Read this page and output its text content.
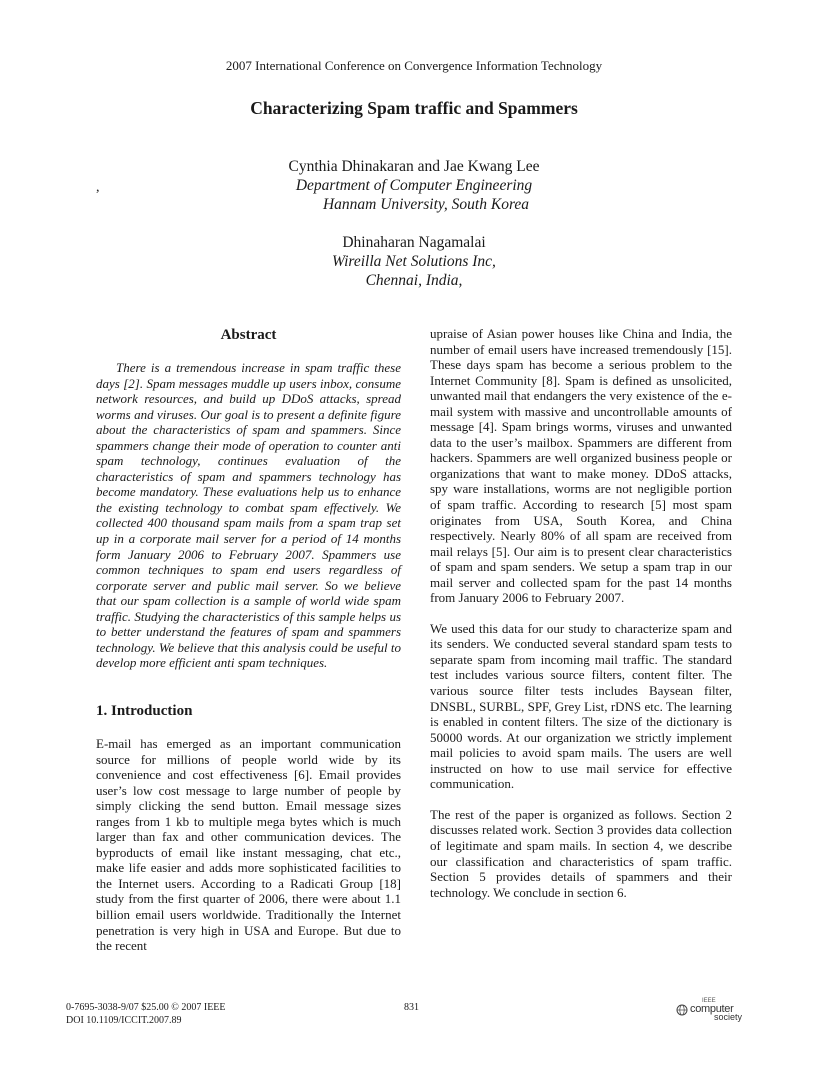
2007 International Conference on Convergence Information Technology
Characterizing Spam traffic and Spammers
Cynthia Dhinakaran and Jae Kwang Lee
,	Department of Computer Engineering
Hannam University, South Korea
Dhinaharan Nagamalai
Wireilla Net Solutions Inc,
Chennai, India,
Abstract
There is a tremendous increase in spam traffic these days [2]. Spam messages muddle up users inbox, consume network resources, and build up DDoS attacks, spread worms and viruses. Our goal is to present a definite figure about the characteristics of spam and spammers. Since spammers change their mode of operation to counter anti spam technology, continues evaluation of the characteristics of spam and spammers technology has become mandatory. These evaluations help us to enhance the existing technology to combat spam effectively. We collected 400 thousand spam mails from a spam trap set up in a corporate mail server for a period of 14 months form January 2006 to February 2007. Spammers use common techniques to spam end users regardless of corporate server and public mail server. So we believe that our spam collection is a sample of world wide spam traffic. Studying the characteristics of this sample helps us to better understand the features of spam and spammers technology. We believe that this analysis could be useful to develop more efficient anti spam techniques.
1. Introduction

E-mail has emerged as an important communication source for millions of people world wide by its convenience and cost effectiveness [6]. Email provides user’s low cost message to large number of people by simply clicking the send button. Email message sizes ranges from 1 kb to multiple mega bytes which is much larger than fax and other communication devices. The byproducts of email like instant messaging, chat etc., make life easier and adds more sophisticated facilities to the Internet users. According to a Radicati Group [18] study from the first quarter of 2006, there were about 1.1 billion email users worldwide. Traditionally the Internet penetration is very high in USA and Europe. But due to the recent

upraise of Asian power houses like China and India, the number of email users have increased tremendously [15]. These days spam has become a serious problem to the Internet Community [8]. Spam is defined as unsolicited, unwanted mail that endangers the very existence of the e-mail system with massive and uncontrollable amounts of message [4]. Spam brings worms, viruses and unwanted data to the user’s mailbox. Spammers are different from hackers. Spammers are well organized business people or organizations that want to make money. DDoS attacks, spy ware installations, worms are not negligible portion of spam traffic. According to research [5] most spam originates from USA, South Korea, and China respectively. Nearly 80% of all spam are received from mail relays [5]. Our aim is to present clear characteristics of spam and spam senders. We setup a spam trap in our mail server and collected spam for the past 14 months from January 2006 to February 2007.

We used this data for our study to characterize spam and its senders. We conducted several standard spam tests to separate spam from incoming mail traffic. The standard test includes various source filters, content filter. The various source filter tests includes Baysean filter, DNSBL, SURBL, SPF, Grey List, rDNS etc. The learning is enabled in content filters. The size of the dictionary is 50000 words. At our organization we strictly implement mail policies to avoid spam mails. The users are well instructed on how to use mail service for effective communication.

The rest of the paper is organized as follows. Section 2 discusses related work. Section 3 provides data collection of legitimate and spam mails. In section 4, we describe our classification and characteristics of spam traffic. Section 5 provides details of spammers and their technology. We conclude in section 6.

0-7695-3038-9/07 $25.00 © 2007 IEEE
DOI 10.1109/ICCIT.2007.89
831
IEEE
computer
society
